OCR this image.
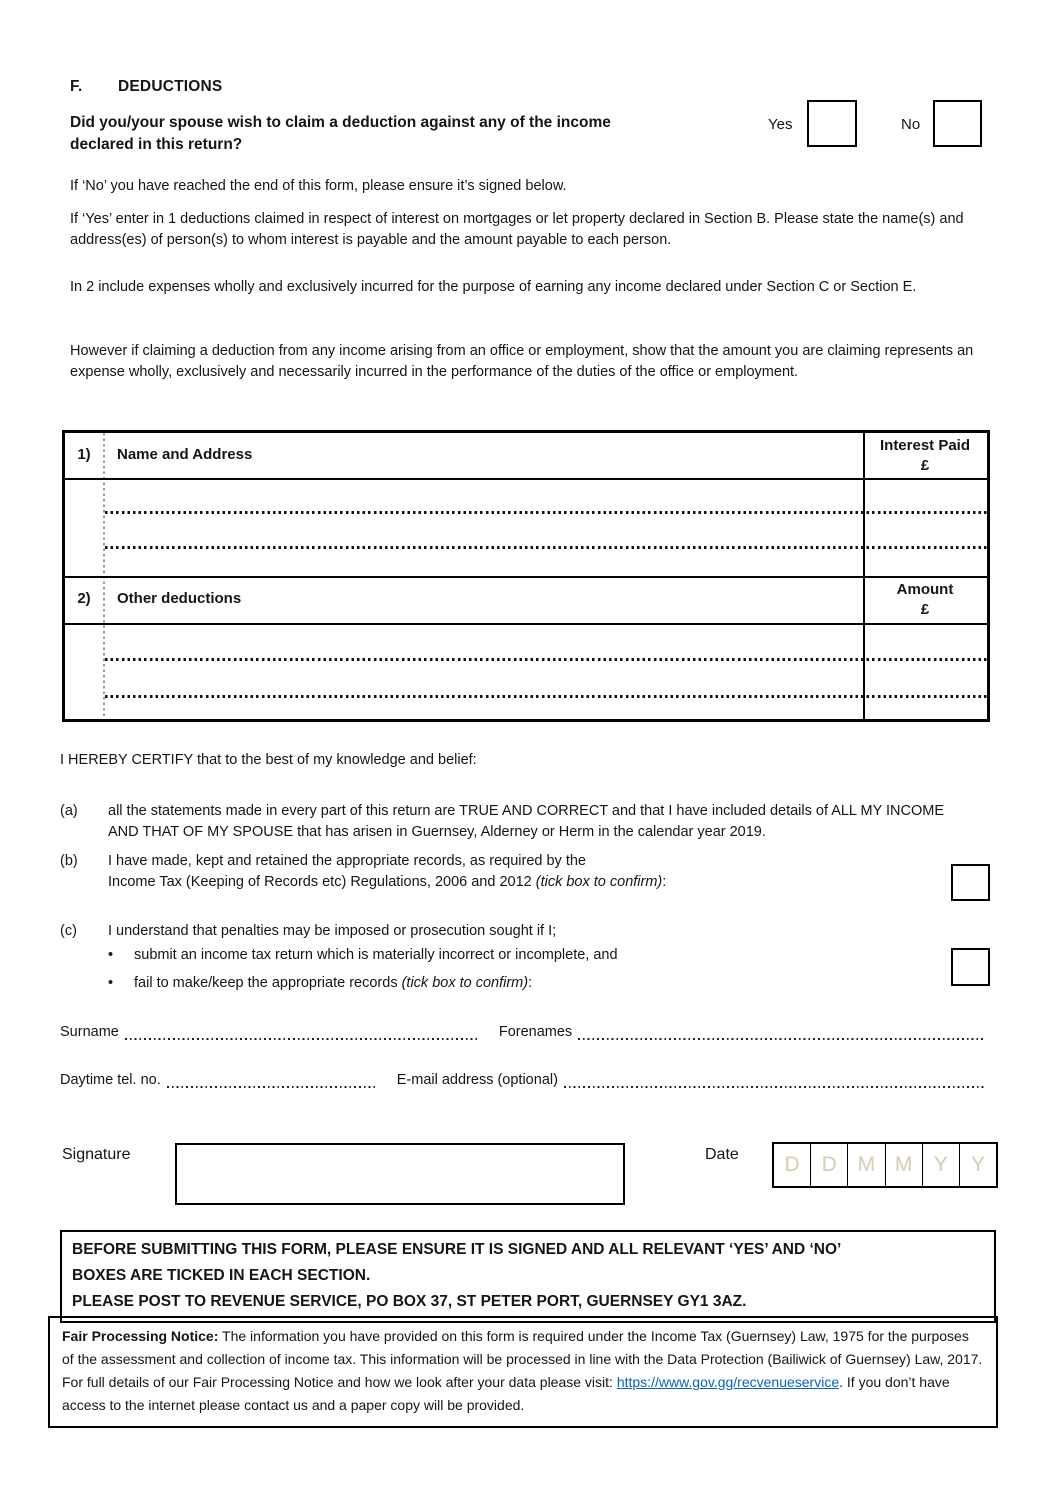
F. DEDUCTIONS
Did you/your spouse wish to claim a deduction against any of the income
declared in this return?
Yes	No
If ‘No’ you have reached the end of this form, please ensure it’s signed below.
If ‘Yes’ enter in 1 deductions claimed in respect of interest on mortgages or let property declared in Section B. Please state the name(s) and address(es) of person(s) to whom interest is payable and the amount payable to each person.
In 2 include expenses wholly and exclusively incurred for the purpose of earning any income declared under Section C or Section E.
However if claiming a deduction from any income arising from an office or employment, show that the amount you are claiming represents an expense wholly, exclusively and necessarily incurred in the performance of the duties of the office or employment.
1)	Name and Address
Interest Paid
£
2)	Other deductions
Amount
£
I HEREBY CERTIFY that to the best of my knowledge and belief:
(a)	all the statements made in every part of this return are TRUE AND CORRECT and that I have included details of ALL MY INCOME AND THAT OF MY SPOUSE that has arisen in Guernsey, Alderney or Herm in the calendar year 2019.
(b)	I have made, kept and retained the appropriate records, as required by the
Income Tax (Keeping of Records etc) Regulations, 2006 and 2012 (tick box to confirm):
(c)	I understand that penalties may be imposed or prosecution sought if I;
•	submit an income tax return which is materially incorrect or incomplete, and
•	fail to make/keep the appropriate records (tick box to confirm):
Surname	Forenames
Daytime tel. no.	E-mail address (optional)
Signature	Date	D	D M M	Y	Y
BEFORE SUBMITTING THIS FORM, PLEASE ENSURE IT IS SIGNED AND ALL RELEVANT ‘YES’ AND ‘NO’
BOXES ARE TICKED IN EACH SECTION.
PLEASE POST TO REVENUE SERVICE, PO BOX 37, ST PETER PORT, GUERNSEY GY1 3AZ.
Fair Processing Notice: The information you have provided on this form is required under the Income Tax (Guernsey) Law, 1975 for the purposes of the assessment and collection of income tax. This information will be processed in line with the Data Protection (Bailiwick of Guernsey) Law, 2017. For full details of our Fair Processing Notice and how we look after your data please visit: https://www.gov.gg/recvenueservice. If you don’t have access to the internet please contact us and a paper copy will be provided.
